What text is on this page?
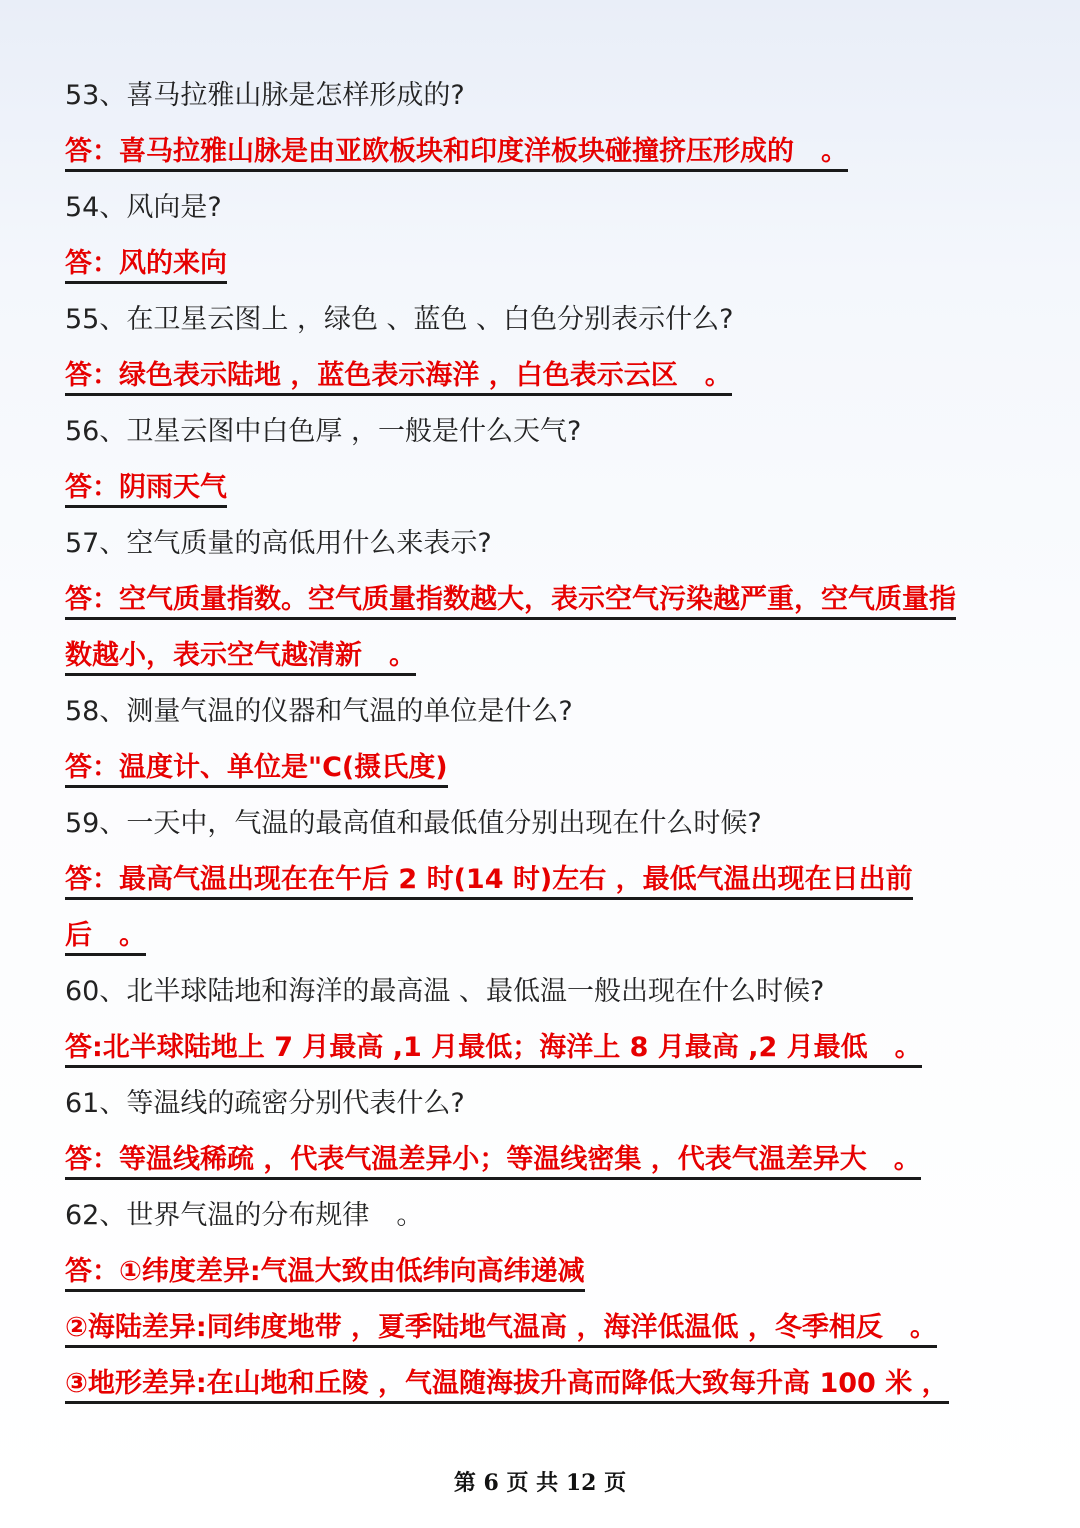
53、喜马拉雅山脉是怎样形成的?
答：喜马拉雅山脉是由亚欧板块和印度洋板块碰撞挤压形成的　。
54、风向是?
答：风的来向
55、在卫星云图上 ，绿色 、蓝色 、白色分别表示什么?
答：绿色表示陆地 ，蓝色表示海洋 ，白色表示云区　。
56、卫星云图中白色厚 ，一般是什么天气?
答：阴雨天气
57、空气质量的高低用什么来表示?
答：空气质量指数。空气质量指数越大，表示空气污染越严重，空气质量指
数越小，表示空气越清新　。
58、测量气温的仪器和气温的单位是什么?
答：温度计、单位是"C(摄氏度)
59、一天中，气温的最高值和最低值分别出现在什么时候?
答：最高气温出现在在午后 2 时(14 时)左右 ，最低气温出现在日出前
后　。
60、北半球陆地和海洋的最高温 、最低温一般出现在什么时候?
答:北半球陆地上 7 月最高 ,1 月最低；海洋上 8 月最高 ,2 月最低　。
61、等温线的疏密分别代表什么?
答：等温线稀疏 ，代表气温差异小；等温线密集 ，代表气温差异大　。
62、世界气温的分布规律　。
答：①纬度差异:气温大致由低纬向高纬递减
②海陆差异:同纬度地带 ，夏季陆地气温高 ，海洋低温低 ，冬季相反　。
③地形差异:在山地和丘陵 ，气温随海拔升高而降低大致每升高 100 米 ，
第 6 页 共 12 页
